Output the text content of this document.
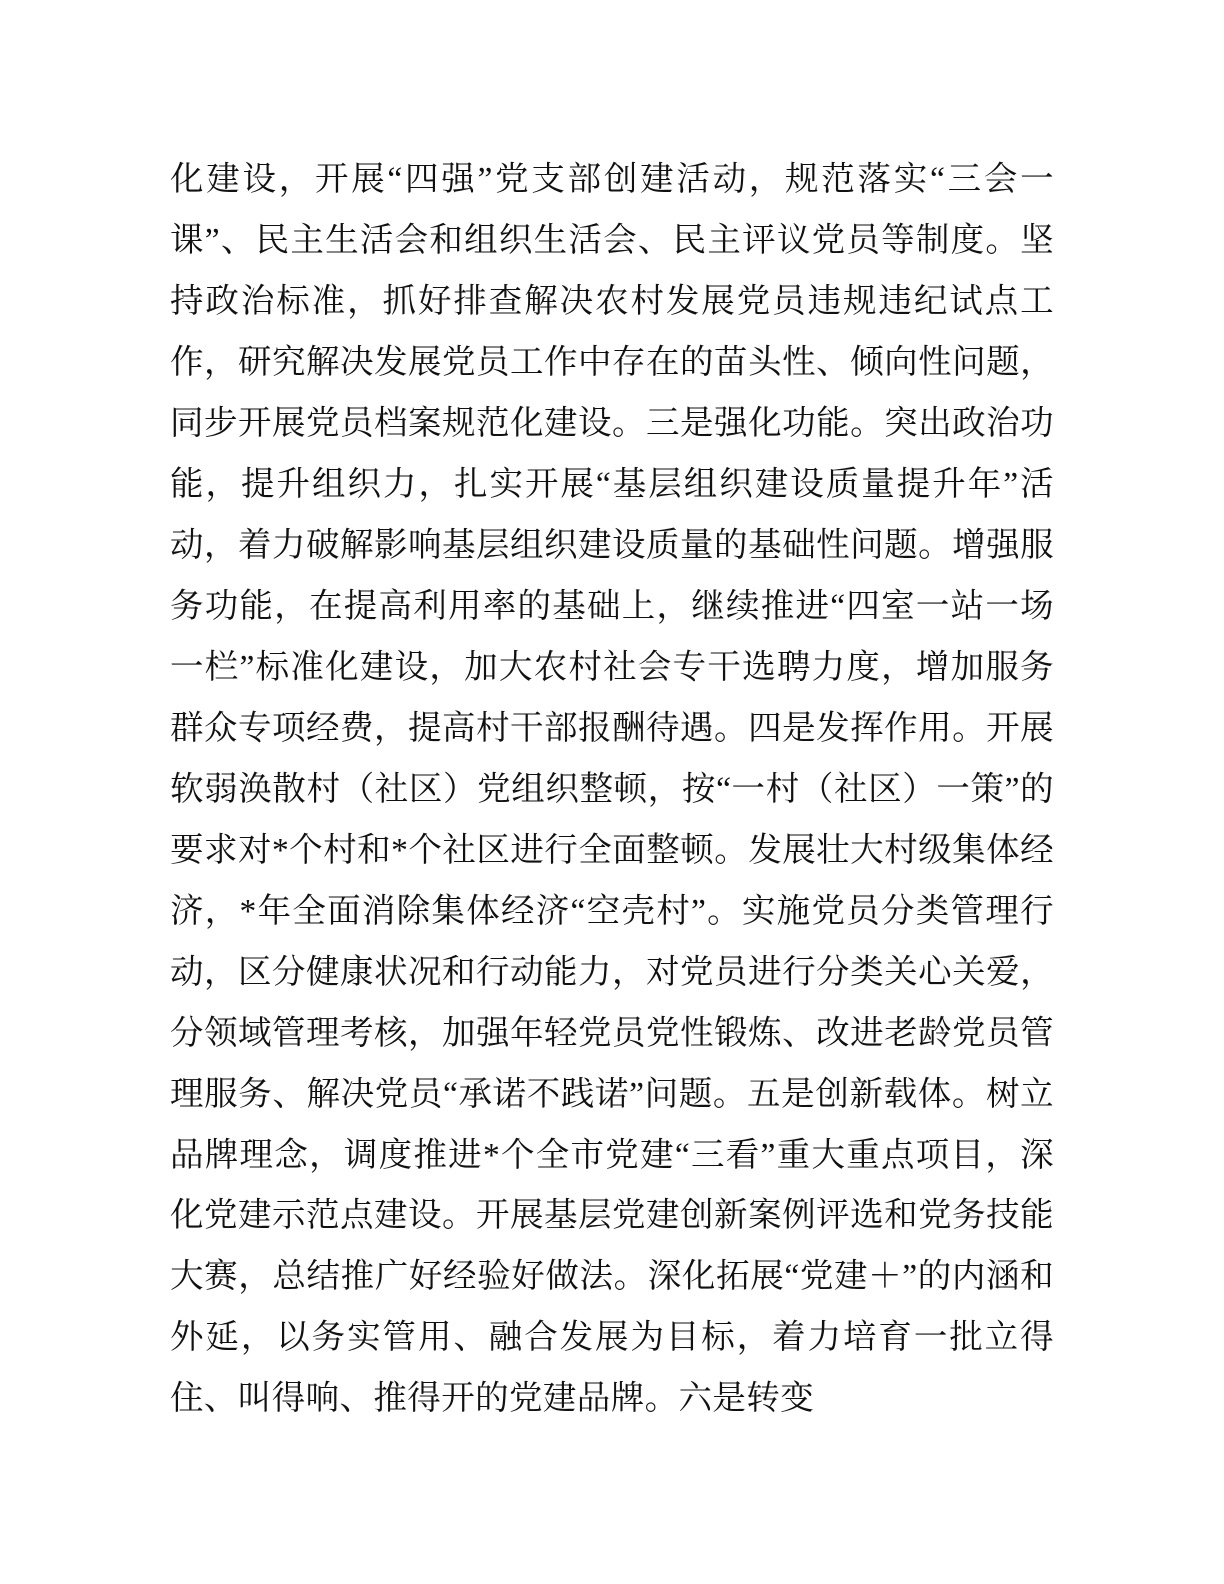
化建设，开展“四强”党支部创建活动，规范落实“三会一课”、民主生活会和组织生活会、民主评议党员等制度。坚持政治标准，抓好排查解决农村发展党员违规违纪试点工作，研究解决发展党员工作中存在的苗头性、倾向性问题，同步开展党员档案规范化建设。三是强化功能。突出政治功能，提升组织力，扎实开展“基层组织建设质量提升年”活动，着力破解影响基层组织建设质量的基础性问题。增强服务功能，在提高利用率的基础上，继续推进“四室一站一场一栏”标准化建设，加大农村社会专干选聘力度，增加服务群众专项经费，提高村干部报酬待遇。四是发挥作用。开展软弱涣散村（社区）党组织整顿，按“一村（社区）一策”的要求对*个村和*个社区进行全面整顿。发展壮大村级集体经济，*年全面消除集体经济“空壳村”。实施党员分类管理行动，区分健康状况和行动能力，对党员进行分类关心关爱，分领域管理考核，加强年轻党员党性锻炼、改进老龄党员管理服务、解决党员“承诺不践诺”问题。五是创新载体。树立品牌理念，调度推进*个全市党建“三看”重大重点项目，深化党建示范点建设。开展基层党建创新案例评选和党务技能大赛，总结推广好经验好做法。深化拓展“党建＋”的内涵和外延，以务实管用、融合发展为目标，着力培育一批立得住、叫得响、推得开的党建品牌。六是转变
